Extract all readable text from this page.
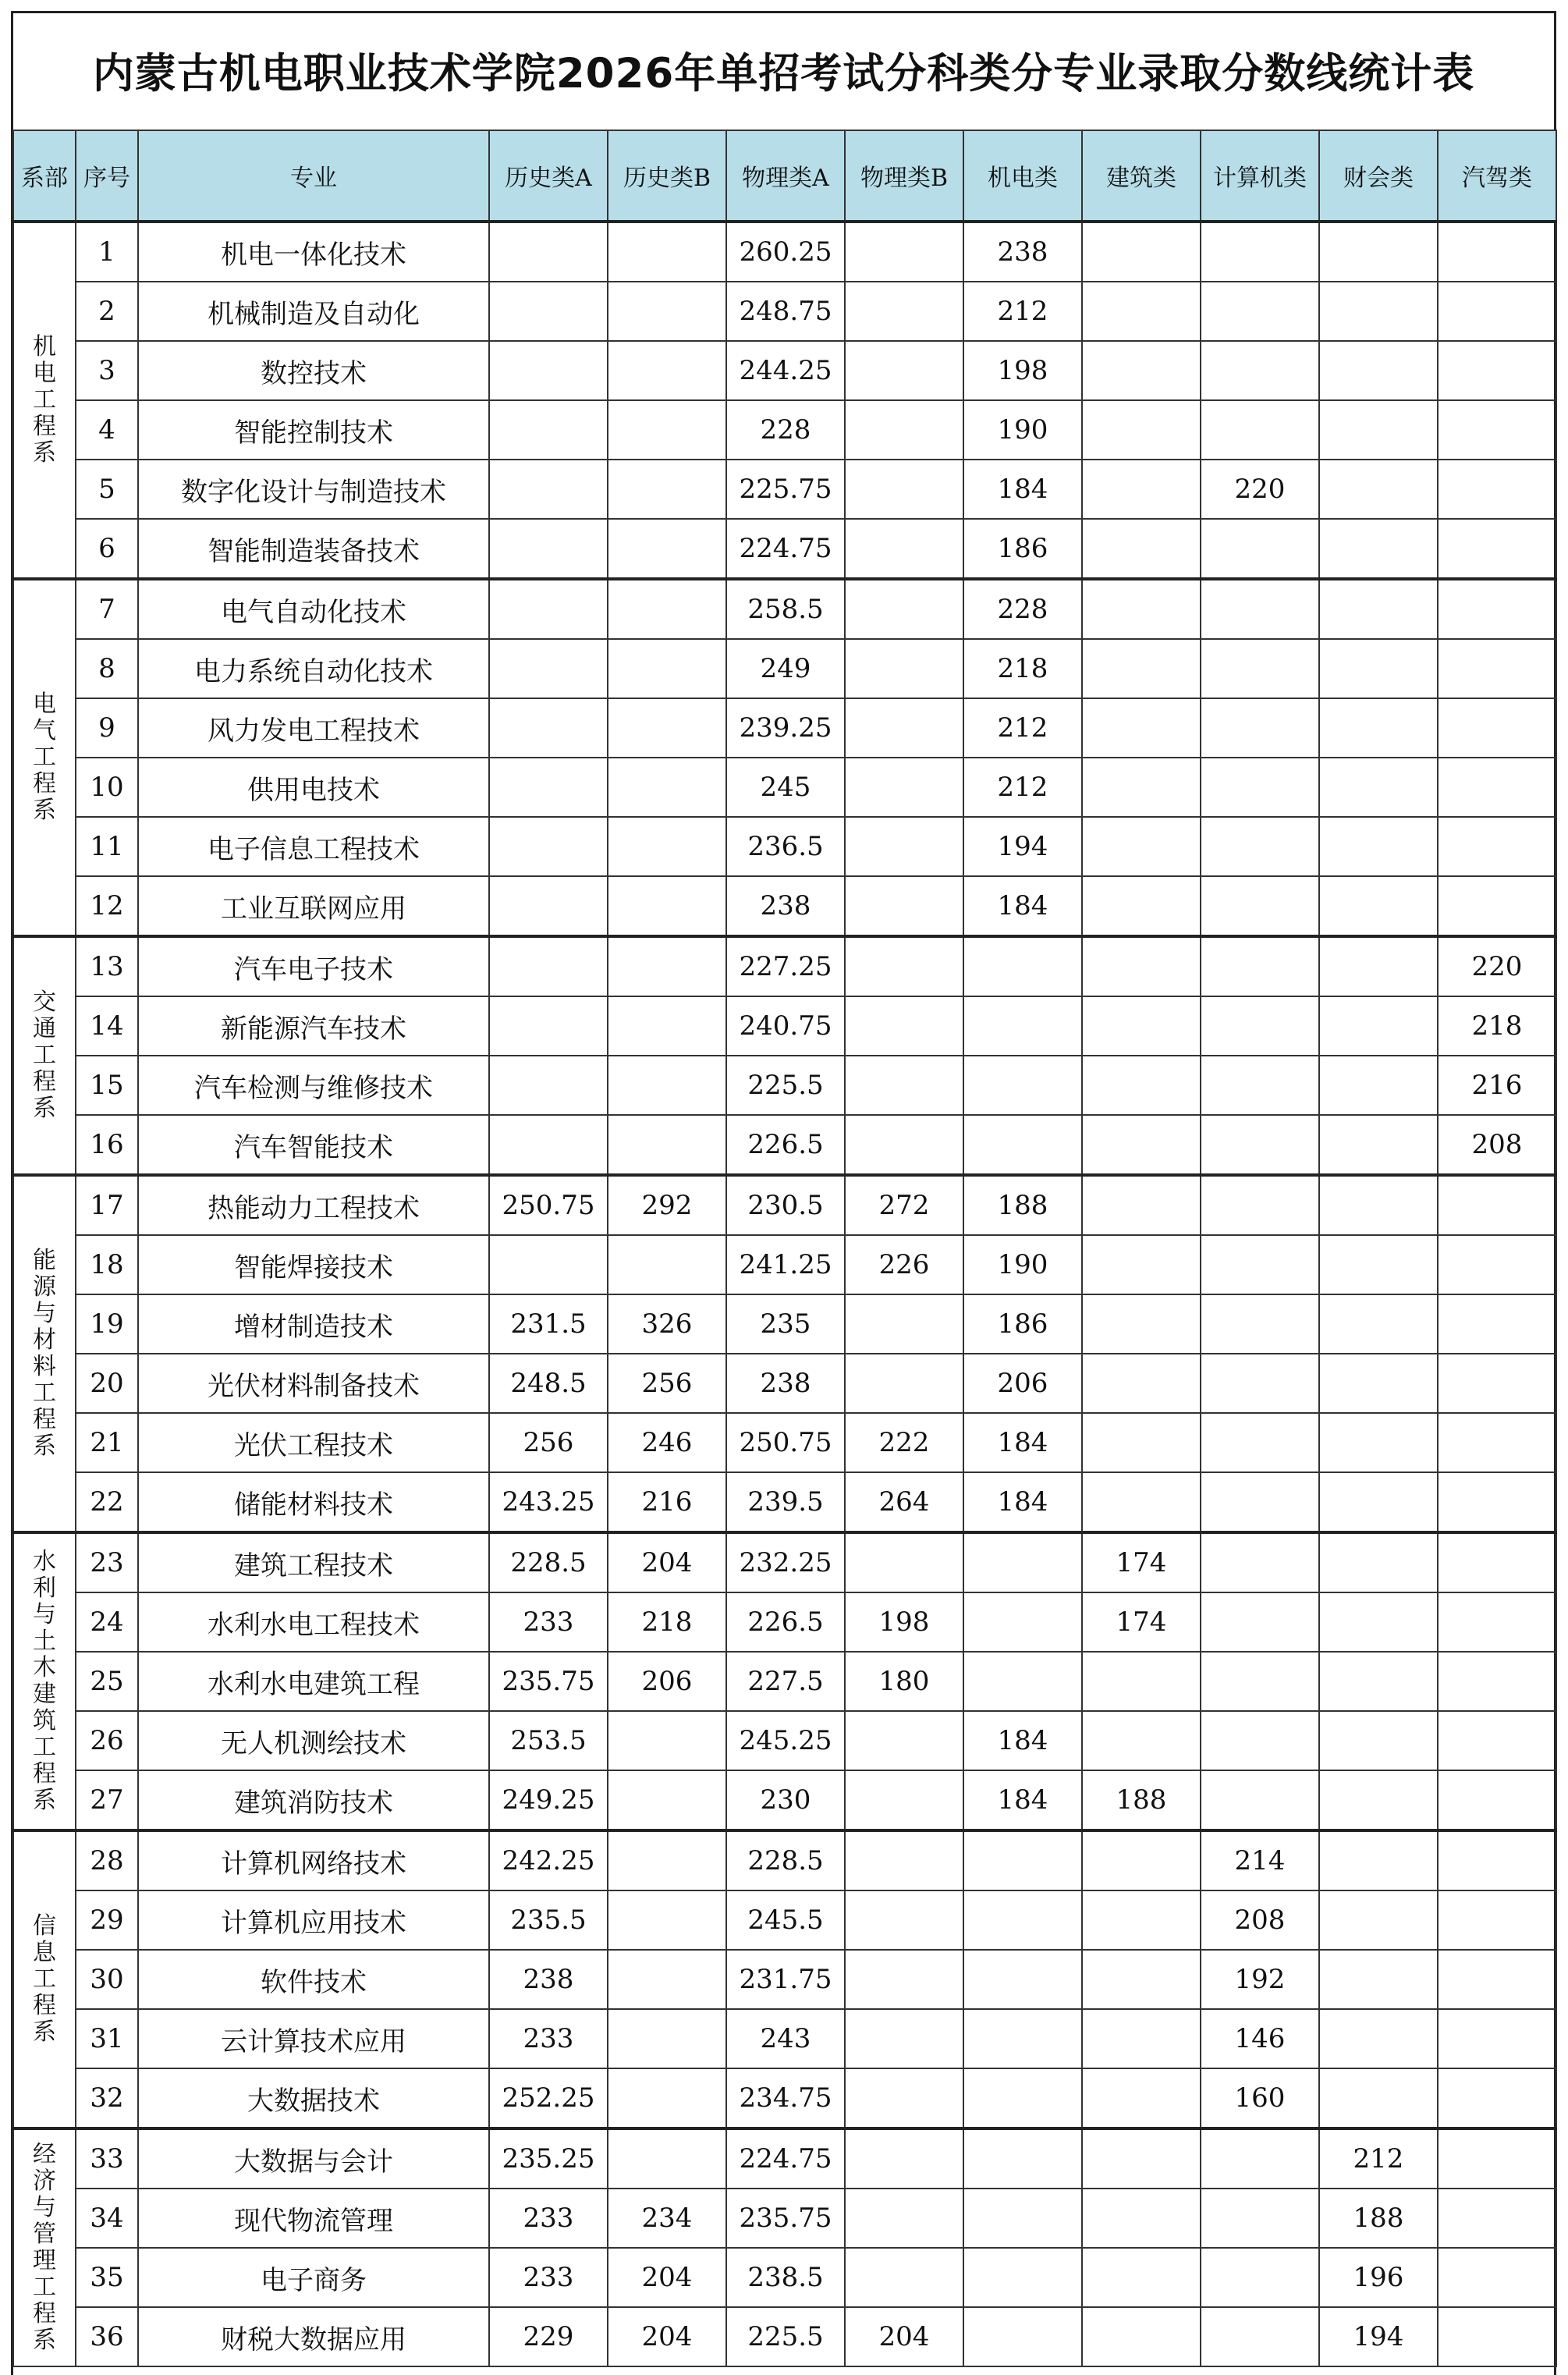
内蒙古机电职业技术学院2026年单招考试分科类分专业录取分数线统计表
系部	序号	专业	历史类A	历史类B	物理类A	物理类B	机电类	建筑类	计算机类	财会类	汽驾类
机电工程系	1	机电一体化技术			260.25		238				
	2	机械制造及自动化			248.75		212				
	3	数控技术			244.25		198				
	4	智能控制技术			228		190				
	5	数字化设计与制造技术			225.75		184		220		
	6	智能制造装备技术			224.75		186				
电气工程系	7	电气自动化技术			258.5		228				
	8	电力系统自动化技术			249		218				
	9	风力发电工程技术			239.25		212				
	10	供用电技术			245		212				
	11	电子信息工程技术			236.5		194				
	12	工业互联网应用			238		184				
交通工程系	13	汽车电子技术			227.25						220
	14	新能源汽车技术			240.75						218
	15	汽车检测与维修技术			225.5						216
	16	汽车智能技术			226.5						208
能源与材料工程系	17	热能动力工程技术	250.75	292	230.5	272	188				
	18	智能焊接技术			241.25	226	190				
	19	增材制造技术	231.5	326	235		186				
	20	光伏材料制备技术	248.5	256	238		206				
	21	光伏工程技术	256	246	250.75	222	184				
	22	储能材料技术	243.25	216	239.5	264	184				
水利与土木建筑工程系	23	建筑工程技术	228.5	204	232.25			174			
	24	水利水电工程技术	233	218	226.5	198		174			
	25	水利水电建筑工程	235.75	206	227.5	180					
	26	无人机测绘技术	253.5		245.25		184				
	27	建筑消防技术	249.25		230		184	188			
信息工程系	28	计算机网络技术	242.25		228.5				214		
	29	计算机应用技术	235.5		245.5				208		
	30	软件技术	238		231.75				192		
	31	云计算技术应用	233		243				146		
	32	大数据技术	252.25		234.75				160		
经济与管理工程系	33	大数据与会计	235.25		224.75					212	
	34	现代物流管理	233	234	235.75					188	
	35	电子商务	233	204	238.5					196	
	36	财税大数据应用	229	204	225.5	204				194	
